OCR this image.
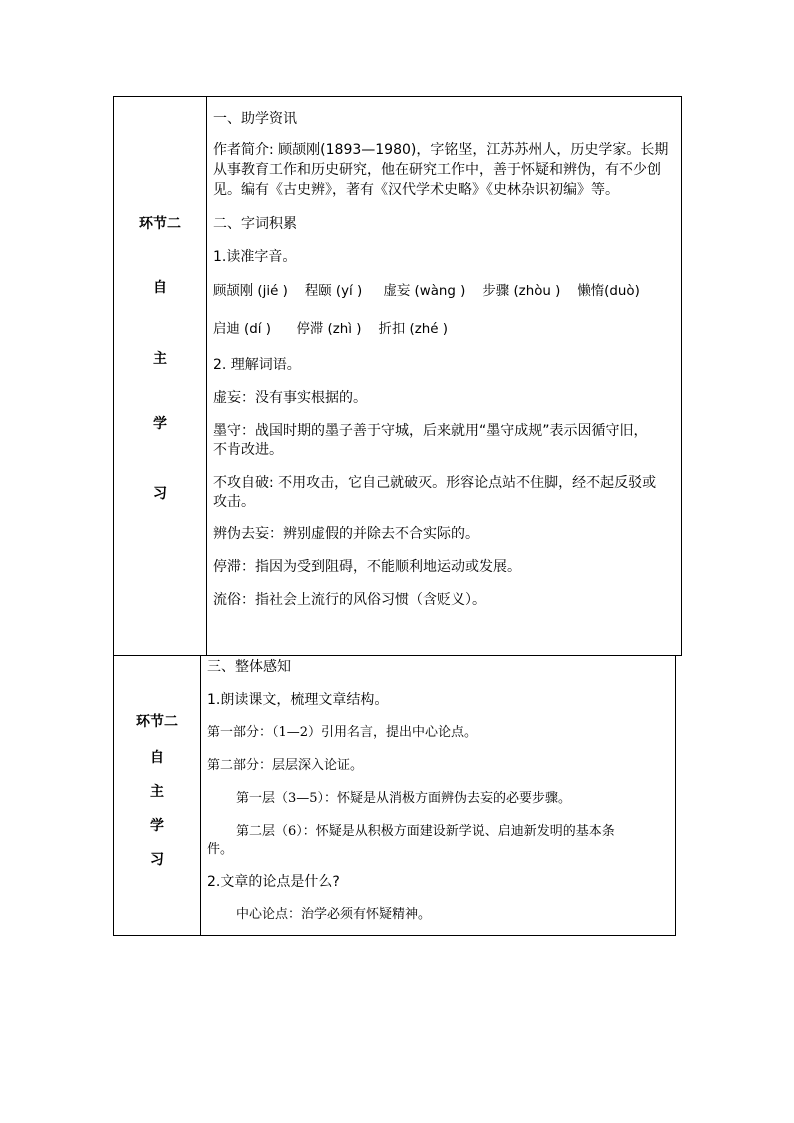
环节二
自
主
学
习
一、助学资讯
作者简介: 顾颉刚(1893—1980)，字铭坚，江苏苏州人，历史学家。长期
从事教育工作和历史研究，他在研究工作中，善于怀疑和辨伪，有不少创
见。编有《古史辨》，著有《汉代学术史略》《史林杂识初编》等。
二、字词积累
1.读准字音。
顾颉刚 (jié )    程颐 (yí )     虚妄 (wàng )    步骤 (zhòu )    懒惰(duò)
启迪 (dí )      停滞 (zhì )    折扣 (zhé )
2. 理解词语。
虚妄：没有事实根据的。
墨守：战国时期的墨子善于守城，后来就用“墨守成规”表示因循守旧，
不肯改进。
不攻自破: 不用攻击，它自己就破灭。形容论点站不住脚，经不起反驳或
攻击。
辨伪去妄：辨别虚假的并除去不合实际的。
停滞：指因为受到阻碍，不能顺利地运动或发展。
流俗：指社会上流行的风俗习惯（含贬义）。
环节二
自
主
学
习
三、整体感知
1.朗读课文，梳理文章结构。
第一部分：（1—2）引用名言，提出中心论点。
第二部分：层层深入论证。
第一层（3—5）：怀疑是从消极方面辨伪去妄的必要步骤。
第二层（6）：怀疑是从积极方面建设新学说、启迪新发明的基本条
件。
2.文章的论点是什么?
中心论点：治学必须有怀疑精神。
